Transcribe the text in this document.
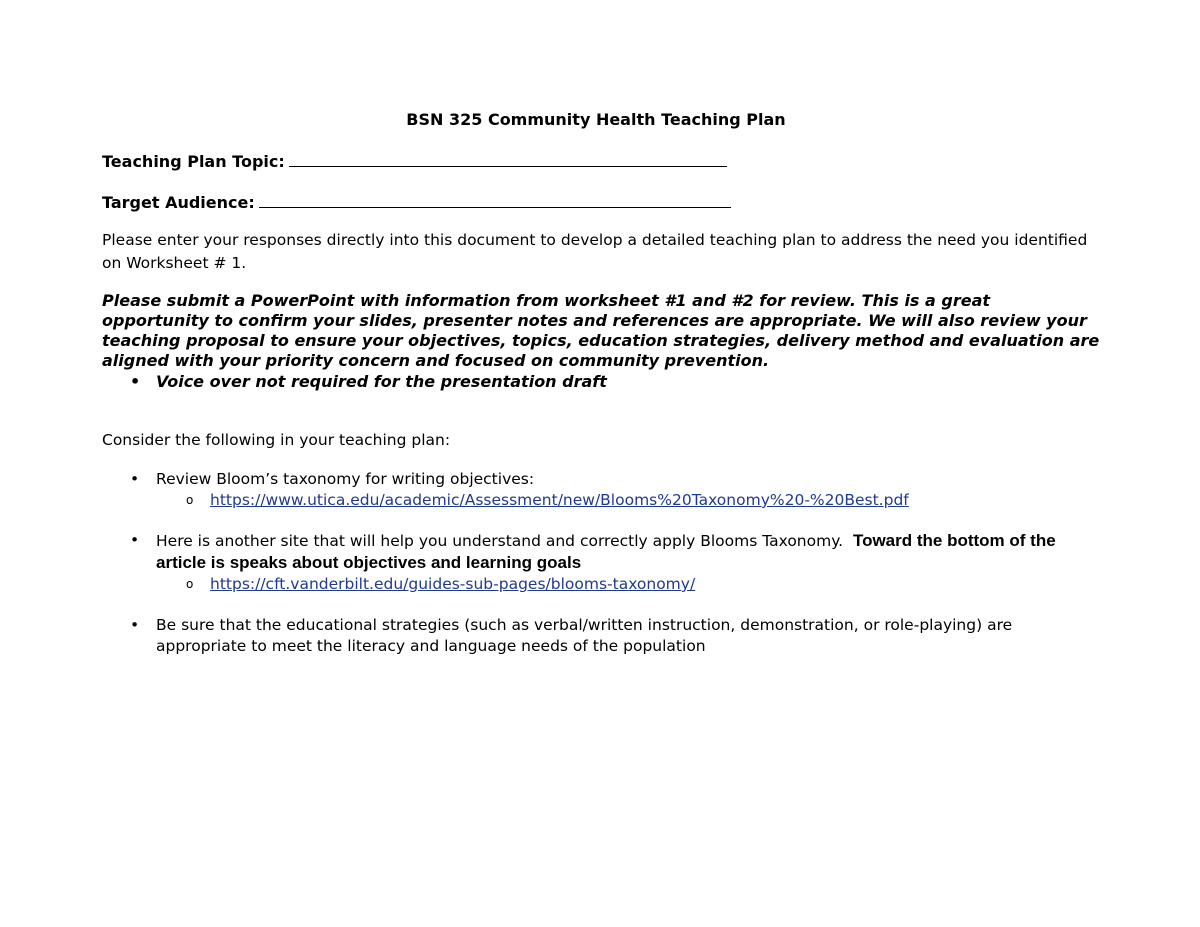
BSN 325 Community Health Teaching Plan
Teaching Plan Topic:
Target Audience:
Please enter your responses directly into this document to develop a detailed teaching plan to address the need you identified on Worksheet # 1.
Please submit a PowerPoint with information from worksheet #1 and #2 for review. This is a great opportunity to confirm your slides, presenter notes and references are appropriate. We will also review your teaching proposal to ensure your objectives, topics, education strategies, delivery method and evaluation are aligned with your priority concern and focused on community prevention.
• Voice over not required for the presentation draft
Consider the following in your teaching plan:
•	Review Bloom’s taxonomy for writing objectives:
o https://www.utica.edu/academic/Assessment/new/Blooms%20Taxonomy%20-%20Best.pdf
•	Here is another site that will help you understand and correctly apply Blooms Taxonomy. Toward the bottom of the article is speaks about objectives and learning goals
o https://cft.vanderbilt.edu/guides-sub-pages/blooms-taxonomy/
•	Be sure that the educational strategies (such as verbal/written instruction, demonstration, or role-playing) are appropriate to meet the literacy and language needs of the population
